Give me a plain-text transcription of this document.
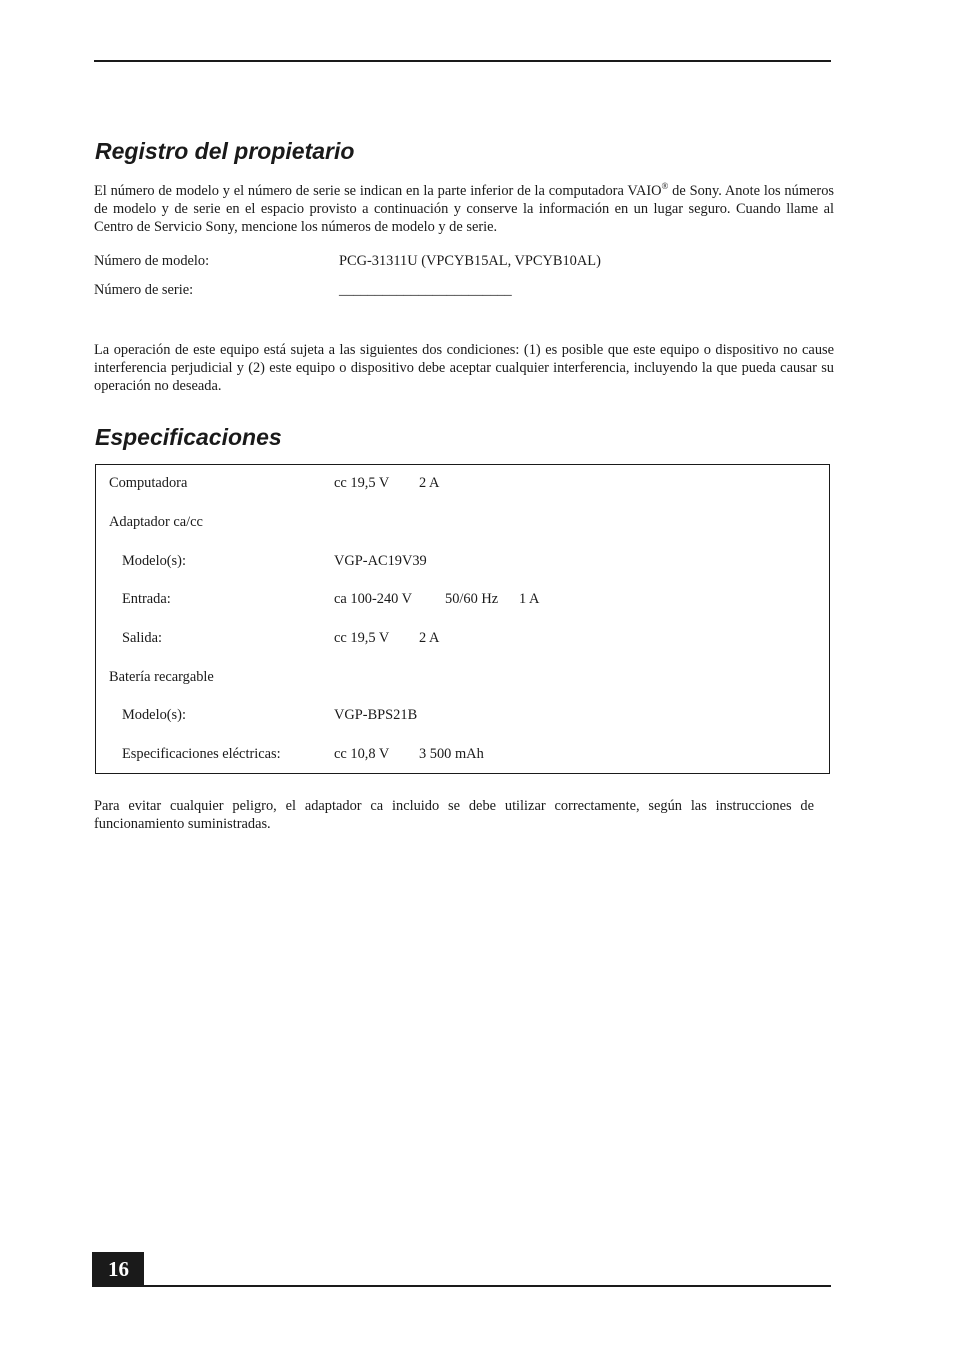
Registro del propietario

El número de modelo y el número de serie se indican en la parte inferior de la computadora VAIO® de Sony. Anote los números de modelo y de serie en el espacio provisto a continuación y conserve la información en un lugar seguro. Cuando llame al Centro de Servicio Sony, mencione los números de modelo y de serie.

Número de modelo:	PCG-31311U (VPCYB15AL, VPCYB10AL)
Número de serie:	________________________

La operación de este equipo está sujeta a las siguientes dos condiciones: (1) es posible que este equipo o dispositivo no cause interferencia perjudicial y (2) este equipo o dispositivo debe aceptar cualquier interferencia, incluyendo la que pueda causar su operación no deseada.

Especificaciones
Computadora	cc 19,5 V 2 A
Adaptador ca/cc
Modelo(s):	VGP-AC19V39
Entrada:	ca 100-240 V 50/60 Hz 1 A
Salida:	cc 19,5 V 2 A
Batería recargable
Modelo(s):	VGP-BPS21B
Especificaciones eléctricas:	cc 10,8 V 3 500 mAh

Para evitar cualquier peligro, el adaptador ca incluido se debe utilizar correctamente, según las instrucciones de funcionamiento suministradas.

16
